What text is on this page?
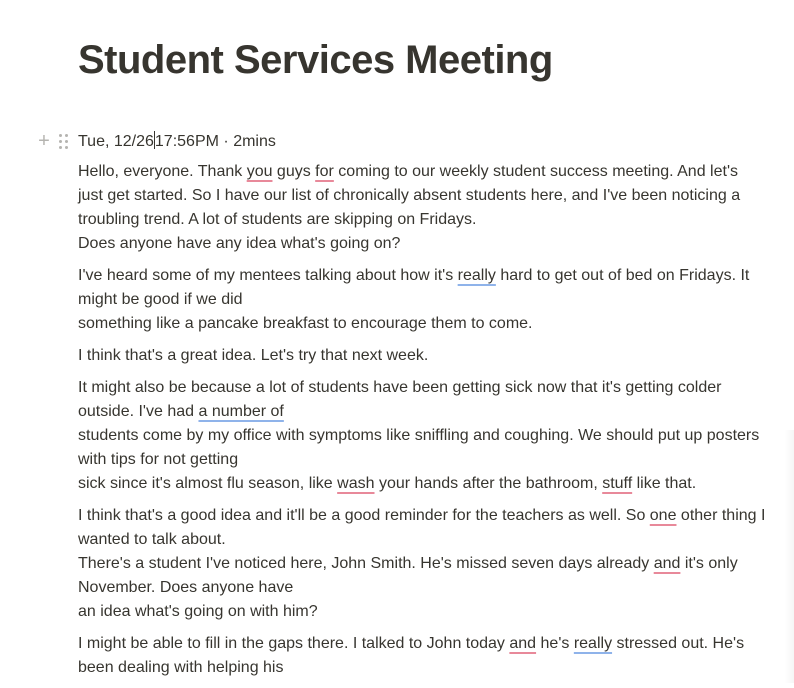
Student Services Meeting
+ Tue, 12/2617:56PM · 2mins

Hello, everyone. Thank you guys for coming to our weekly student success meeting. And let's
just get started. So I have our list of chronically absent students here, and I've been noticing a
troubling trend. A lot of students are skipping on Fridays.
Does anyone have any idea what's going on?

I've heard some of my mentees talking about how it's really hard to get out of bed on Fridays. It
might be good if we did
something like a pancake breakfast to encourage them to come.

I think that's a great idea. Let's try that next week.

It might also be because a lot of students have been getting sick now that it's getting colder
outside. I've had a number of
students come by my office with symptoms like sniffling and coughing. We should put up posters
with tips for not getting
sick since it's almost flu season, like wash your hands after the bathroom, stuff like that.

I think that's a good idea and it'll be a good reminder for the teachers as well. So one other thing I
wanted to talk about.
There's a student I've noticed here, John Smith. He's missed seven days already and it's only
November. Does anyone have
an idea what's going on with him?

I might be able to fill in the gaps there. I talked to John today and he's really stressed out. He's
been dealing with helping his
